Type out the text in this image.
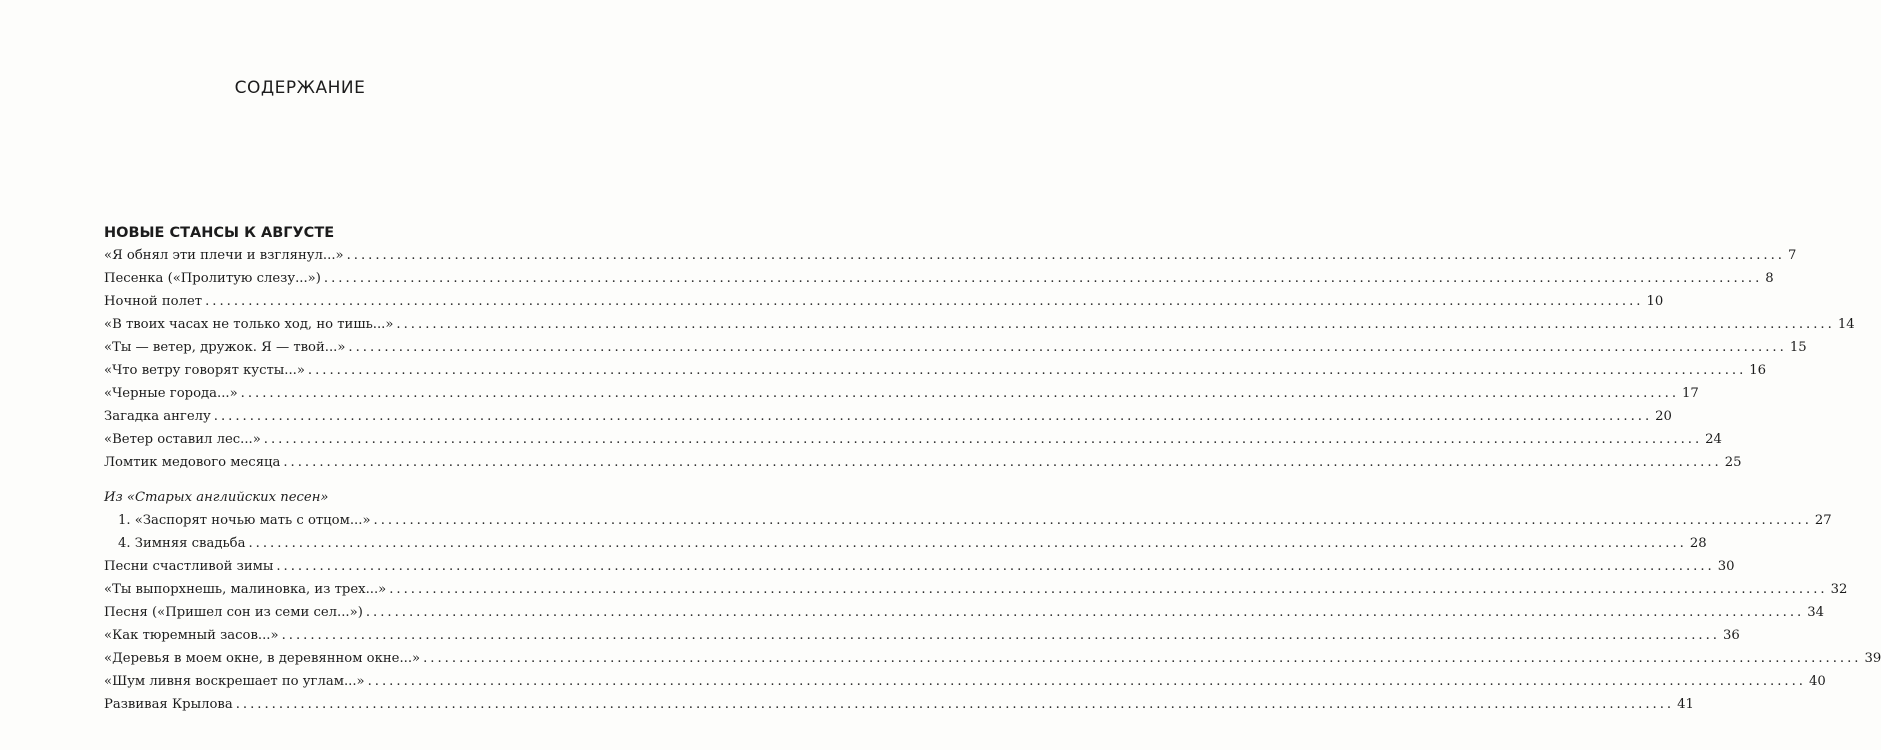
СОДЕРЖАНИЕ
НОВЫЕ СТАНСЫ К АВГУСТЕ
«Я обнял эти плечи и взглянул...» ........................................................................................................................................................................................................ 7
Песенка («Пролитую слезу...») ........................................................................................................................................................................................................ 8
Ночной полет ........................................................................................................................................................................................................ 10
«В твоих часах не только ход, но тишь...» ........................................................................................................................................................................................................ 14
«Ты — ветер, дружок. Я — твой...» ........................................................................................................................................................................................................ 15
«Что ветру говорят кусты...» ........................................................................................................................................................................................................ 16
«Черные города...» ........................................................................................................................................................................................................ 17
Загадка ангелу ........................................................................................................................................................................................................ 20
«Ветер оставил лес...» ........................................................................................................................................................................................................ 24
Ломтик медового месяца ........................................................................................................................................................................................................ 25
Из «Старых английских песен»
1. «Заспорят ночью мать с отцом...» ........................................................................................................................................................................................................ 27
4. Зимняя свадьба ........................................................................................................................................................................................................ 28
Песни счастливой зимы ........................................................................................................................................................................................................ 30
«Ты выпорхнешь, малиновка, из трех...» ........................................................................................................................................................................................................ 32
Песня («Пришел сон из семи сел...») ........................................................................................................................................................................................................ 34
«Как тюремный засов...» ........................................................................................................................................................................................................ 36
«Деревья в моем окне, в деревянном окне...» ........................................................................................................................................................................................................ 39
«Шум ливня воскрешает по углам...» ........................................................................................................................................................................................................ 40
Развивая Крылова ........................................................................................................................................................................................................ 41
